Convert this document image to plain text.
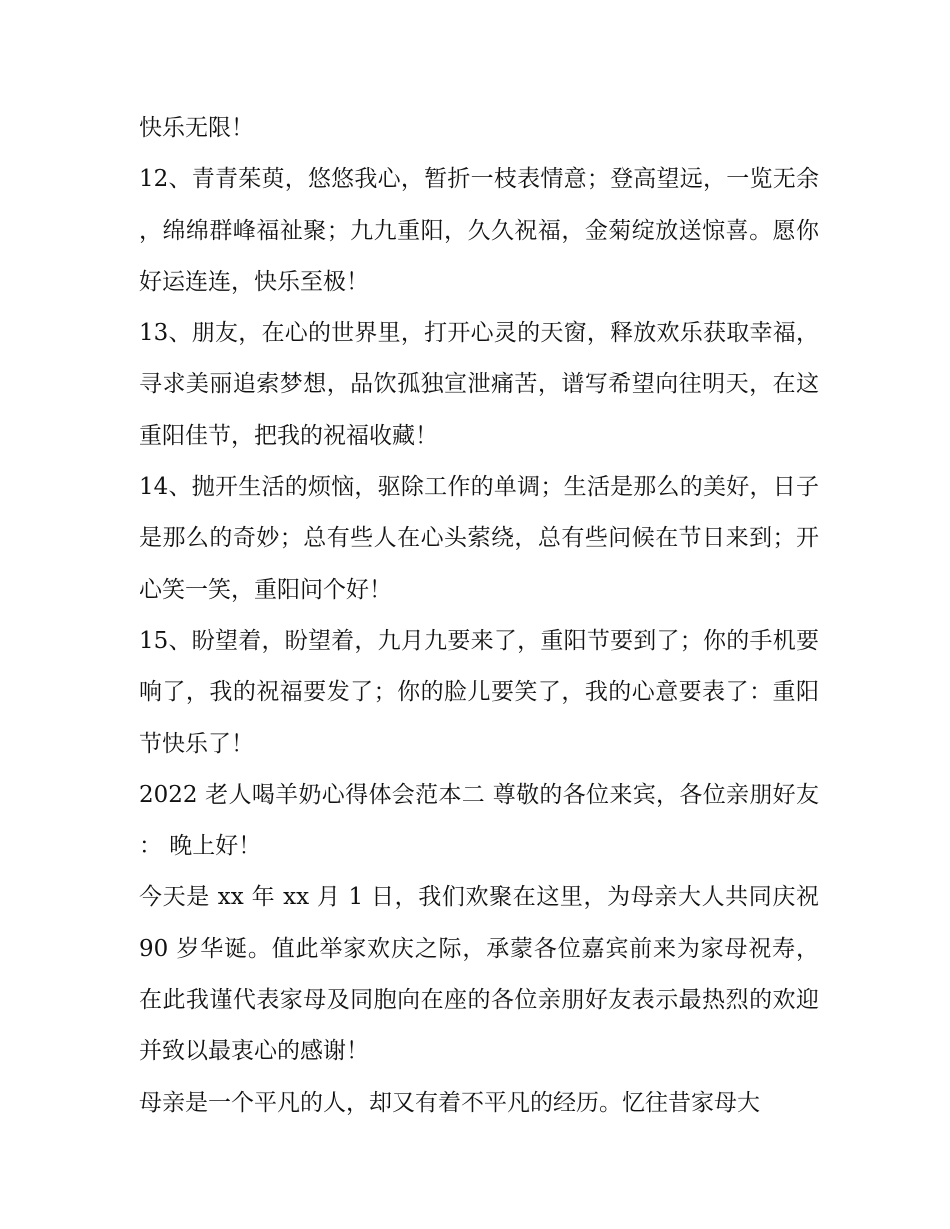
快乐无限！

12、青青茱萸，悠悠我心，暂折一枝表情意；登高望远，一览无余，绵绵群峰福祉聚；九九重阳，久久祝福，金菊绽放送惊喜。愿你好运连连，快乐至极！

13、朋友，在心的世界里，打开心灵的天窗，释放欢乐获取幸福，寻求美丽追索梦想，品饮孤独宣泄痛苦，谱写希望向往明天，在这重阳佳节，把我的祝福收藏！

14、抛开生活的烦恼，驱除工作的单调；生活是那么的美好，日子是那么的奇妙；总有些人在心头萦绕，总有些问候在节日来到；开心笑一笑，重阳问个好！

15、盼望着，盼望着，九月九要来了，重阳节要到了；你的手机要响了，我的祝福要发了；你的脸儿要笑了，我的心意要表了：重阳节快乐了！

2022 老人喝羊奶心得体会范本二 尊敬的各位来宾，各位亲朋好友： 晚上好！

今天是 xx 年 xx 月 1 日，我们欢聚在这里，为母亲大人共同庆祝 90 岁华诞。值此举家欢庆之际，承蒙各位嘉宾前来为家母祝寿，在此我谨代表家母及同胞向在座的各位亲朋好友表示最热烈的欢迎并致以最衷心的感谢！

母亲是一个平凡的人，却又有着不平凡的经历。忆往昔家母大
